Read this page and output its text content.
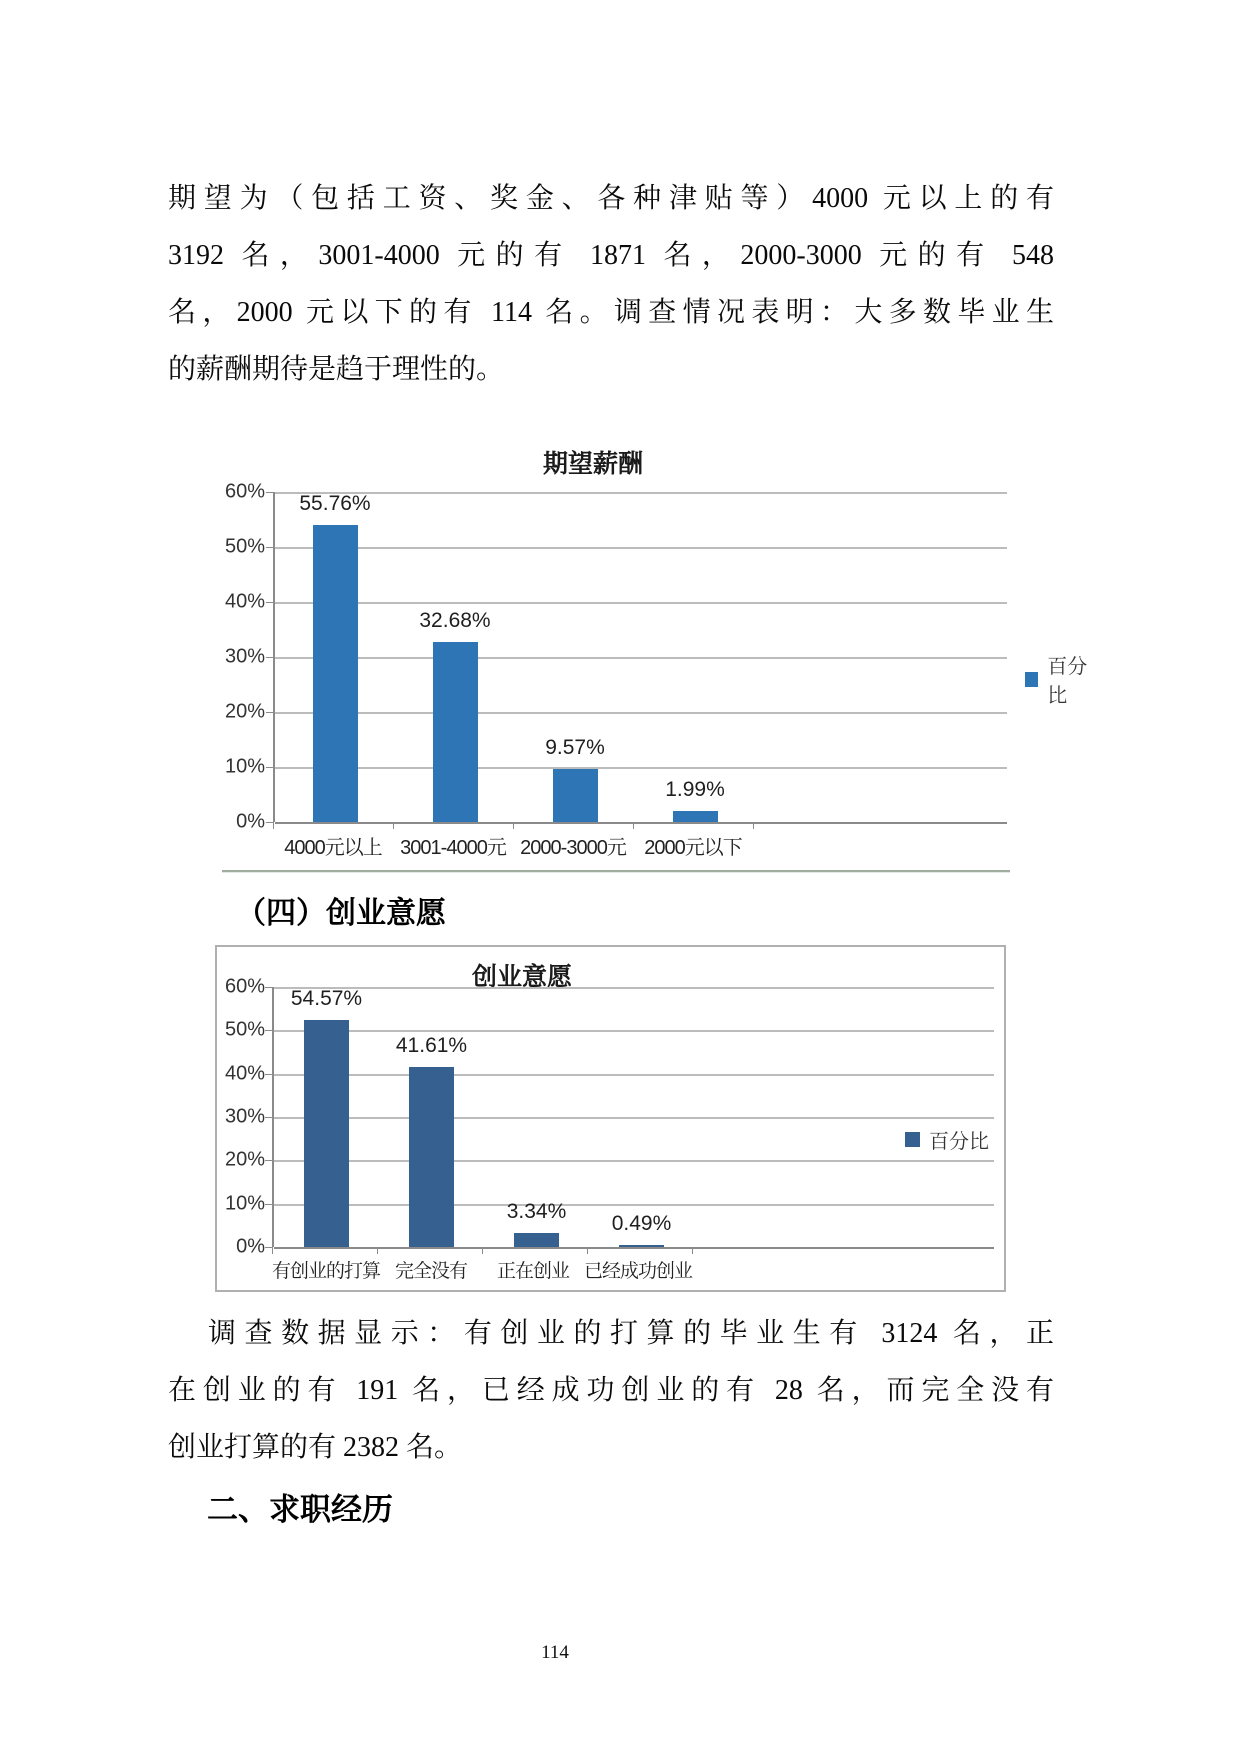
期望为（包括工资、奖金、各种津贴等）4000 元以上的有
3192 名，3001-4000 元的有 1871 名，2000-3000 元的有 548
名，2000 元以下的有 114 名。调查情况表明：大多数毕业生
的薪酬期待是趋于理性的。
期望薪酬
0%
10%
20%
30%
40%
50%
60%
55.76%
32.68%
9.57%
1.99%
4000元以上 3001-4000元 2000-3000元 2000元以下
百分比
（四）创业意愿
创业意愿
0%
10%
20%
30%
40%
50%
60%
54.57%
41.61%
3.34%
0.49%
有创业的打算 完全没有	正在创业 已经成功创业
百分比
调查数据显示：有创业的打算的毕业生有 3124 名，正
在创业的有 191 名，已经成功创业的有 28 名，而完全没有
创业打算的有 2382 名。
二、求职经历
114
